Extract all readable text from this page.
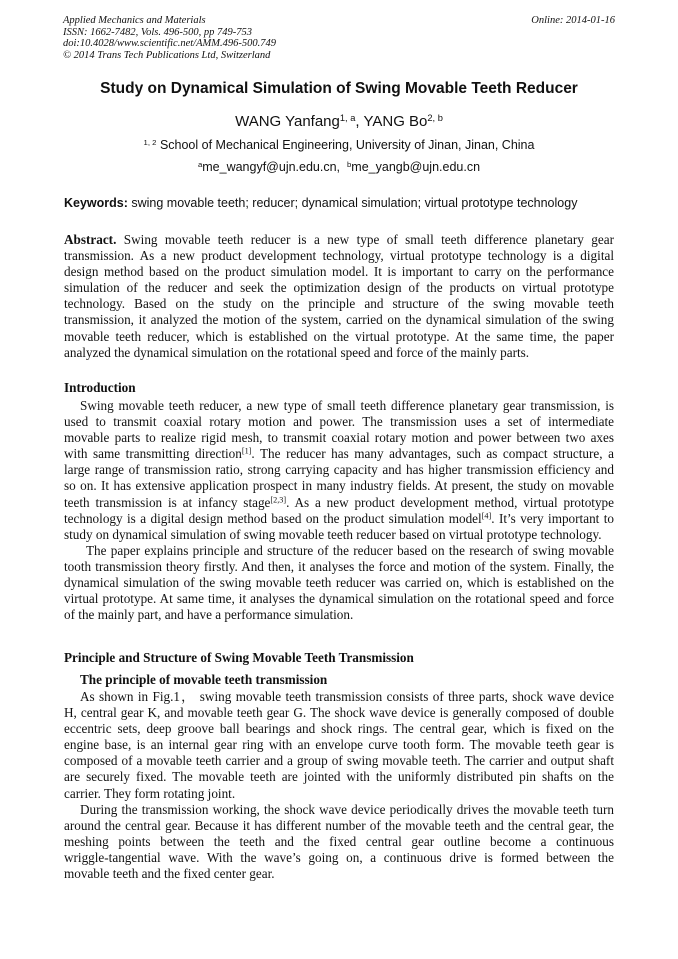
Applied Mechanics and Materials
ISSN: 1662-7482, Vols. 496-500, pp 749-753
doi:10.4028/www.scientific.net/AMM.496-500.749
© 2014 Trans Tech Publications Ltd, Switzerland
Online: 2014-01-16
Study on Dynamical Simulation of Swing Movable Teeth Reducer
WANG Yanfang$^{1, a}$, YANG Bo$^{2, b}$
$^{1, 2}$ School of Mechanical Engineering, University of Jinan, Jinan, China
$^a$me_wangyf@ujn.edu.cn, $^b$me_yangb@ujn.edu.cn
Keywords: swing movable teeth; reducer; dynamical simulation; virtual prototype technology
Abstract. Swing movable teeth reducer is a new type of small teeth difference planetary gear
transmission. As a new product development technology, virtual prototype technology is a digital
design method based on the product simulation model. It is important to carry on the performance
simulation of the reducer and seek the optimization design of the products on virtual prototype
technology. Based on the study on the principle and structure of the swing movable teeth
transmission, it analyzed the motion of the system, carried on the dynamical simulation of the swing
movable teeth reducer, which is established on the virtual prototype. At the same time, the paper
analyzed the dynamical simulation on the rotational speed and force of the mainly parts.
Introduction
Swing movable teeth reducer, a new type of small teeth difference planetary gear transmission, is
used to transmit coaxial rotary motion and power. The transmission uses a set of intermediate
movable parts to realize rigid mesh, to transmit coaxial rotary motion and power between two axes
with same transmitting direction[1]. The reducer has many advantages, such as compact structure, a
large range of transmission ratio, strong carrying capacity and has higher transmission efficiency and
so on. It has extensive application prospect in many industry fields. At present, the study on movable
teeth transmission is at infancy stage[2,3]. As a new product development method, virtual prototype
technology is a digital design method based on the product simulation model[4]. It’s very important to
study on dynamical simulation of swing movable teeth reducer based on virtual prototype technology.
The paper explains principle and structure of the reducer based on the research of swing movable
tooth transmission theory firstly. And then, it analyses the force and motion of the system. Finally, the
dynamical simulation of the swing movable teeth reducer was carried on, which is established on the
virtual prototype. At same time, it analyses the dynamical simulation on the rotational speed and force
of the mainly part, and have a performance simulation.
Principle and Structure of Swing Movable Teeth Transmission
The principle of movable teeth transmission
As shown in Fig.1， swing movable teeth transmission consists of three parts, shock wave device
H, central gear K, and movable teeth gear G. The shock wave device is generally composed of double
eccentric sets, deep groove ball bearings and shock rings. The central gear, which is fixed on the
engine base, is an internal gear ring with an envelope curve tooth form. The movable teeth gear is
composed of a movable teeth carrier and a group of swing movable teeth. The carrier and output shaft
are securely fixed. The movable teeth are jointed with the uniformly distributed pin shafts on the
carrier. They form rotating joint.
During the transmission working, the shock wave device periodically drives the movable teeth turn
around the central gear. Because it has different number of the movable teeth and the central gear, the
meshing points between the teeth and the fixed central gear outline become a continuous
wriggle-tangential wave. With the wave’s going on, a continuous drive is formed between the
movable teeth and the fixed center gear.
